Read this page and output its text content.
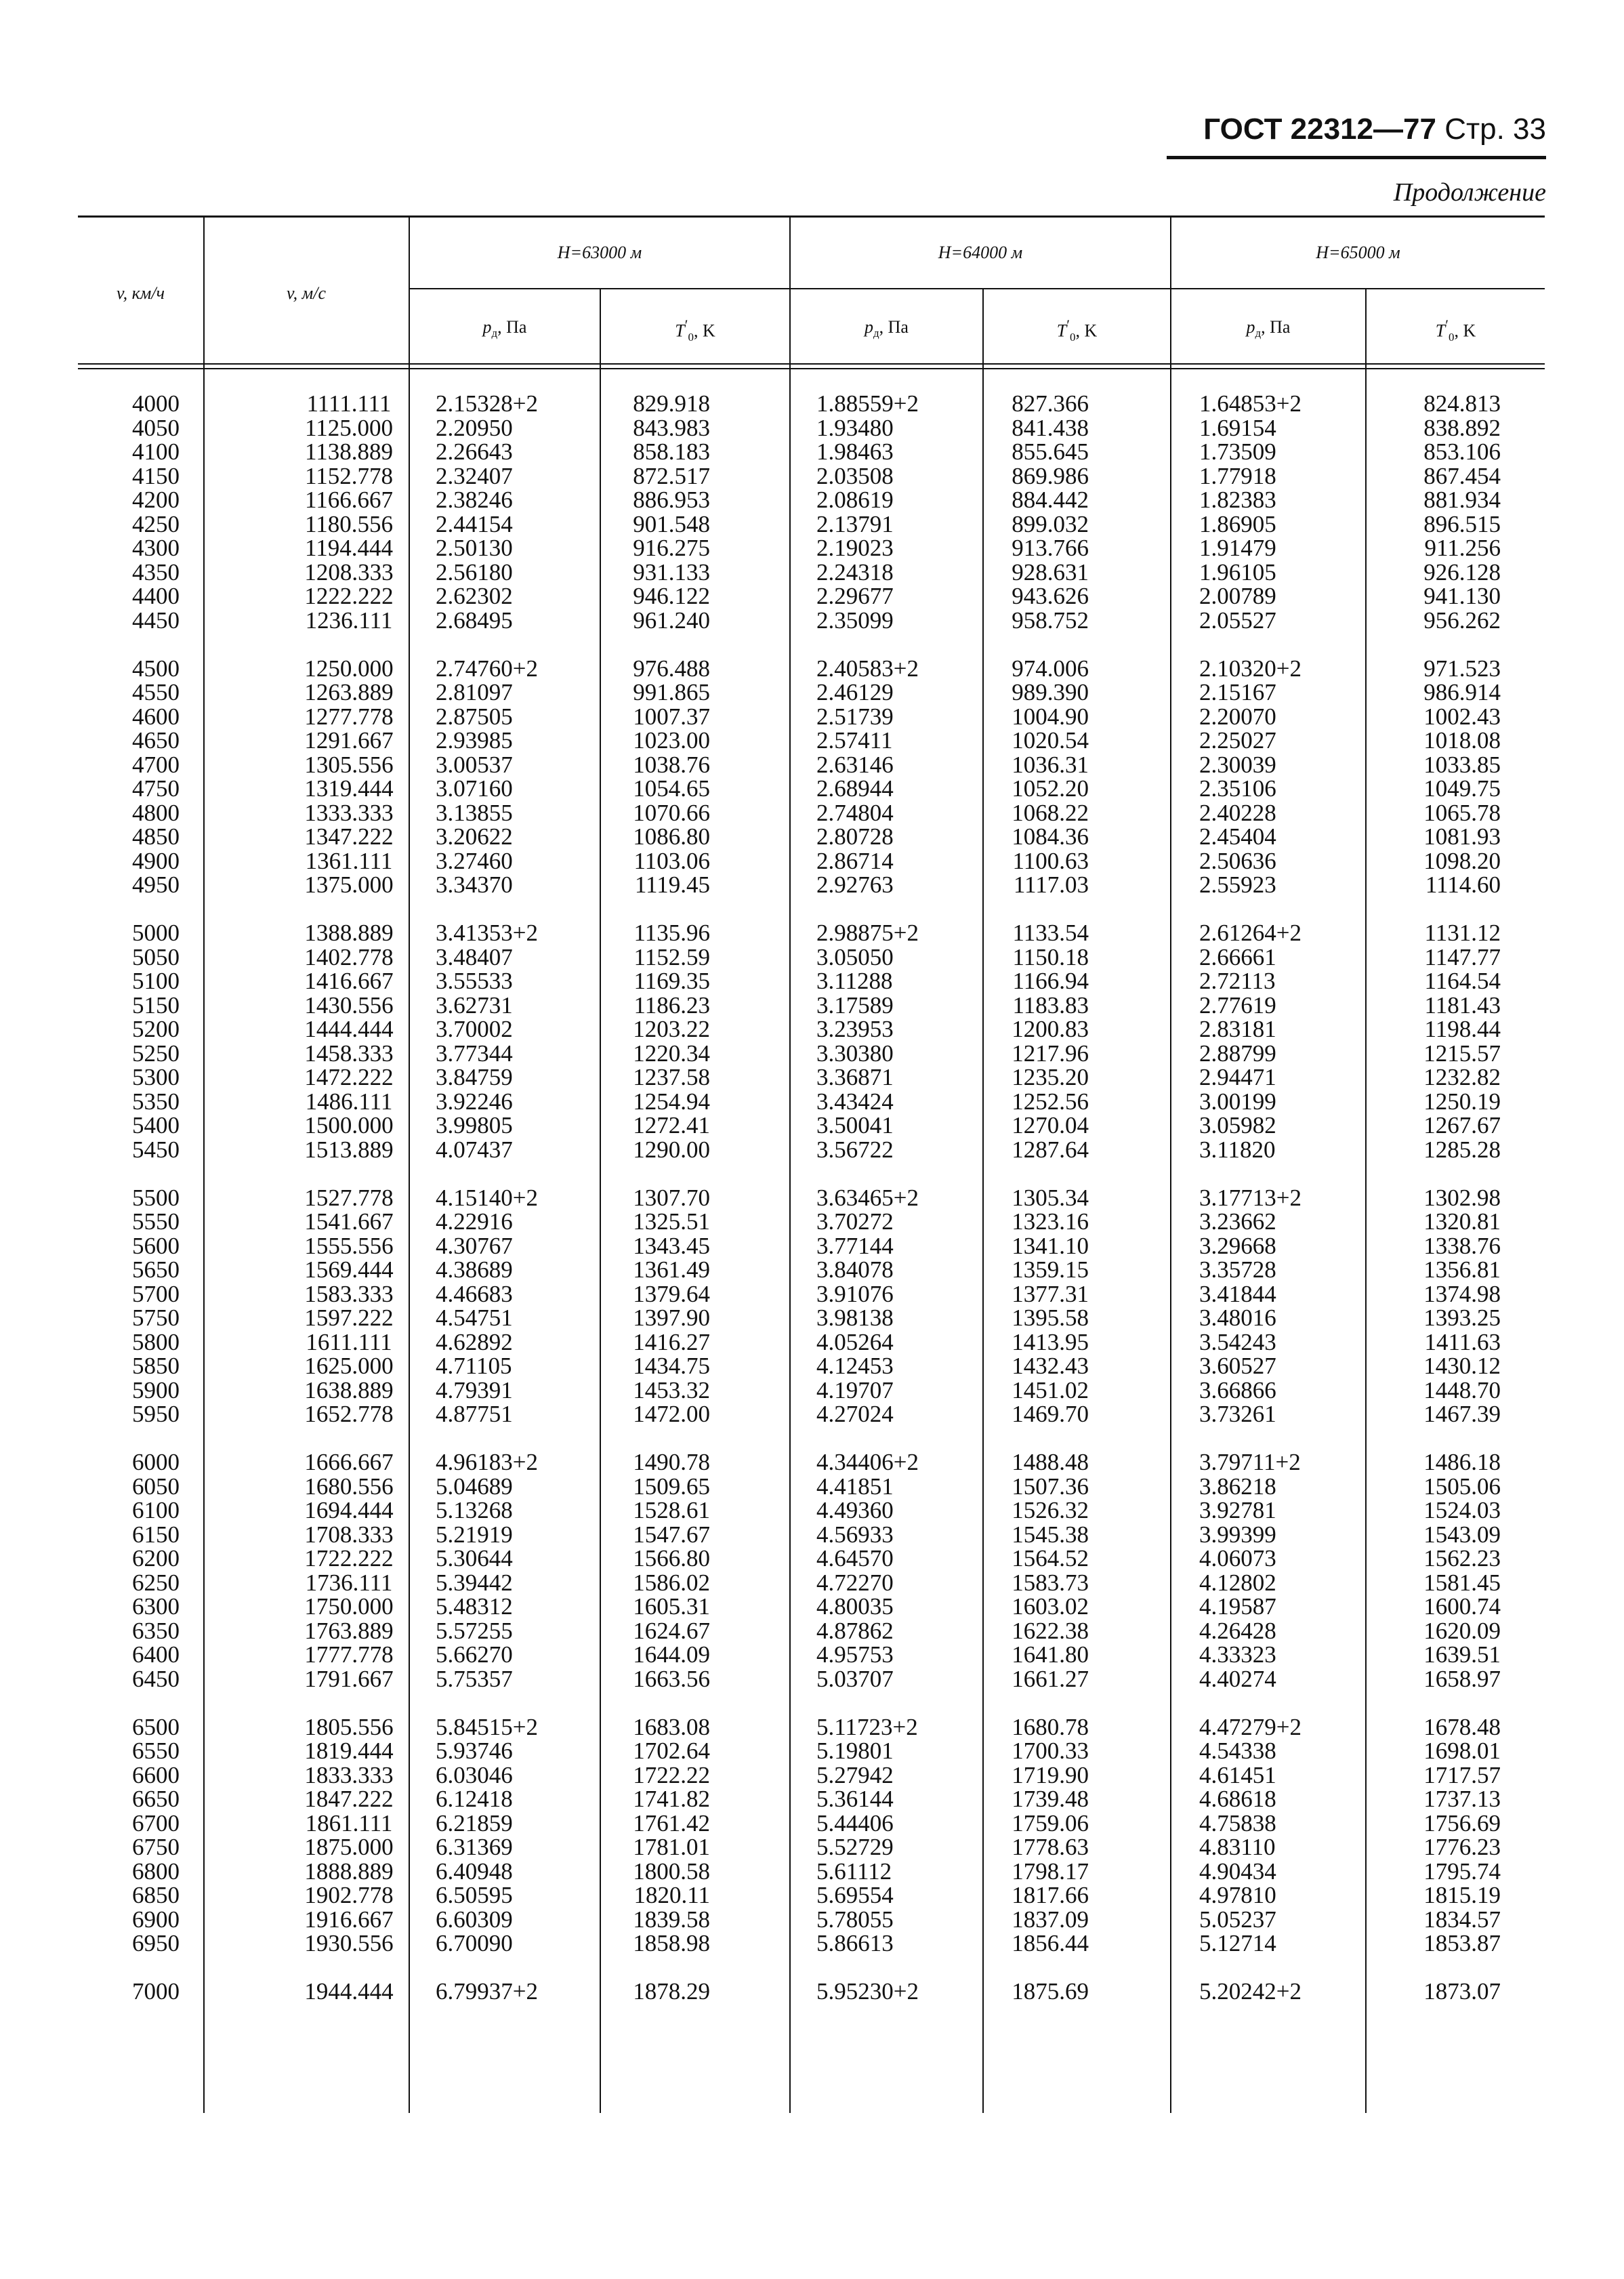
ГОСТ 22312—77 Стр. 33
Продолжение
v, км/ч	v, м/с
H=63000 м	H=64000 м	H=65000 м
$р_д$, Па	$T'_0$, K	$р_д$, Па	$T'_0$, K	$р_д$, Па	$T'_0$, K
4000	1111.111	2.15328+2	829.918	1.88559+2	827.366	1.64853+2	824.813
4050	1125.000	2.20950	843.983	1.93480	841.438	1.69154	838.892
4100	1138.889	2.26643	858.183	1.98463	855.645	1.73509	853.106
4150	1152.778	2.32407	872.517	2.03508	869.986	1.77918	867.454
4200	1166.667	2.38246	886.953	2.08619	884.442	1.82383	881.934
4250	1180.556	2.44154	901.548	2.13791	899.032	1.86905	896.515
4300	1194.444	2.50130	916.275	2.19023	913.766	1.91479	911.256
4350	1208.333	2.56180	931.133	2.24318	928.631	1.96105	926.128
4400	1222.222	2.62302	946.122	2.29677	943.626	2.00789	941.130
4450	1236.111	2.68495	961.240	2.35099	958.752	2.05527	956.262
4500	1250.000	2.74760+2	976.488	2.40583+2	974.006	2.10320+2	971.523
4550	1263.889	2.81097	991.865	2.46129	989.390	2.15167	986.914
4600	1277.778	2.87505	1007.37	2.51739	1004.90	2.20070	1002.43
4650	1291.667	2.93985	1023.00	2.57411	1020.54	2.25027	1018.08
4700	1305.556	3.00537	1038.76	2.63146	1036.31	2.30039	1033.85
4750	1319.444	3.07160	1054.65	2.68944	1052.20	2.35106	1049.75
4800	1333.333	3.13855	1070.66	2.74804	1068.22	2.40228	1065.78
4850	1347.222	3.20622	1086.80	2.80728	1084.36	2.45404	1081.93
4900	1361.111	3.27460	1103.06	2.86714	1100.63	2.50636	1098.20
4950	1375.000	3.34370	1119.45	2.92763	1117.03	2.55923	1114.60
5000	1388.889	3.41353+2	1135.96	2.98875+2	1133.54	2.61264+2	1131.12
5050	1402.778	3.48407	1152.59	3.05050	1150.18	2.66661	1147.77
5100	1416.667	3.55533	1169.35	3.11288	1166.94	2.72113	1164.54
5150	1430.556	3.62731	1186.23	3.17589	1183.83	2.77619	1181.43
5200	1444.444	3.70002	1203.22	3.23953	1200.83	2.83181	1198.44
5250	1458.333	3.77344	1220.34	3.30380	1217.96	2.88799	1215.57
5300	1472.222	3.84759	1237.58	3.36871	1235.20	2.94471	1232.82
5350	1486.111	3.92246	1254.94	3.43424	1252.56	3.00199	1250.19
5400	1500.000	3.99805	1272.41	3.50041	1270.04	3.05982	1267.67
5450	1513.889	4.07437	1290.00	3.56722	1287.64	3.11820	1285.28
5500	1527.778	4.15140+2	1307.70	3.63465+2	1305.34	3.17713+2	1302.98
5550	1541.667	4.22916	1325.51	3.70272	1323.16	3.23662	1320.81
5600	1555.556	4.30767	1343.45	3.77144	1341.10	3.29668	1338.76
5650	1569.444	4.38689	1361.49	3.84078	1359.15	3.35728	1356.81
5700	1583.333	4.46683	1379.64	3.91076	1377.31	3.41844	1374.98
5750	1597.222	4.54751	1397.90	3.98138	1395.58	3.48016	1393.25
5800	1611.111	4.62892	1416.27	4.05264	1413.95	3.54243	1411.63
5850	1625.000	4.71105	1434.75	4.12453	1432.43	3.60527	1430.12
5900	1638.889	4.79391	1453.32	4.19707	1451.02	3.66866	1448.70
5950	1652.778	4.87751	1472.00	4.27024	1469.70	3.73261	1467.39
6000	1666.667	4.96183+2	1490.78	4.34406+2	1488.48	3.79711+2	1486.18
6050	1680.556	5.04689	1509.65	4.41851	1507.36	3.86218	1505.06
6100	1694.444	5.13268	1528.61	4.49360	1526.32	3.92781	1524.03
6150	1708.333	5.21919	1547.67	4.56933	1545.38	3.99399	1543.09
6200	1722.222	5.30644	1566.80	4.64570	1564.52	4.06073	1562.23
6250	1736.111	5.39442	1586.02	4.72270	1583.73	4.12802	1581.45
6300	1750.000	5.48312	1605.31	4.80035	1603.02	4.19587	1600.74
6350	1763.889	5.57255	1624.67	4.87862	1622.38	4.26428	1620.09
6400	1777.778	5.66270	1644.09	4.95753	1641.80	4.33323	1639.51
6450	1791.667	5.75357	1663.56	5.03707	1661.27	4.40274	1658.97
6500	1805.556	5.84515+2	1683.08	5.11723+2	1680.78	4.47279+2	1678.48
6550	1819.444	5.93746	1702.64	5.19801	1700.33	4.54338	1698.01
6600	1833.333	6.03046	1722.22	5.27942	1719.90	4.61451	1717.57
6650	1847.222	6.12418	1741.82	5.36144	1739.48	4.68618	1737.13
6700	1861.111	6.21859	1761.42	5.44406	1759.06	4.75838	1756.69
6750	1875.000	6.31369	1781.01	5.52729	1778.63	4.83110	1776.23
6800	1888.889	6.40948	1800.58	5.61112	1798.17	4.90434	1795.74
6850	1902.778	6.50595	1820.11	5.69554	1817.66	4.97810	1815.19
6900	1916.667	6.60309	1839.58	5.78055	1837.09	5.05237	1834.57
6950	1930.556	6.70090	1858.98	5.86613	1856.44	5.12714	1853.87
7000	1944.444	6.79937+2	1878.29	5.95230+2	1875.69	5.20242+2	1873.07
